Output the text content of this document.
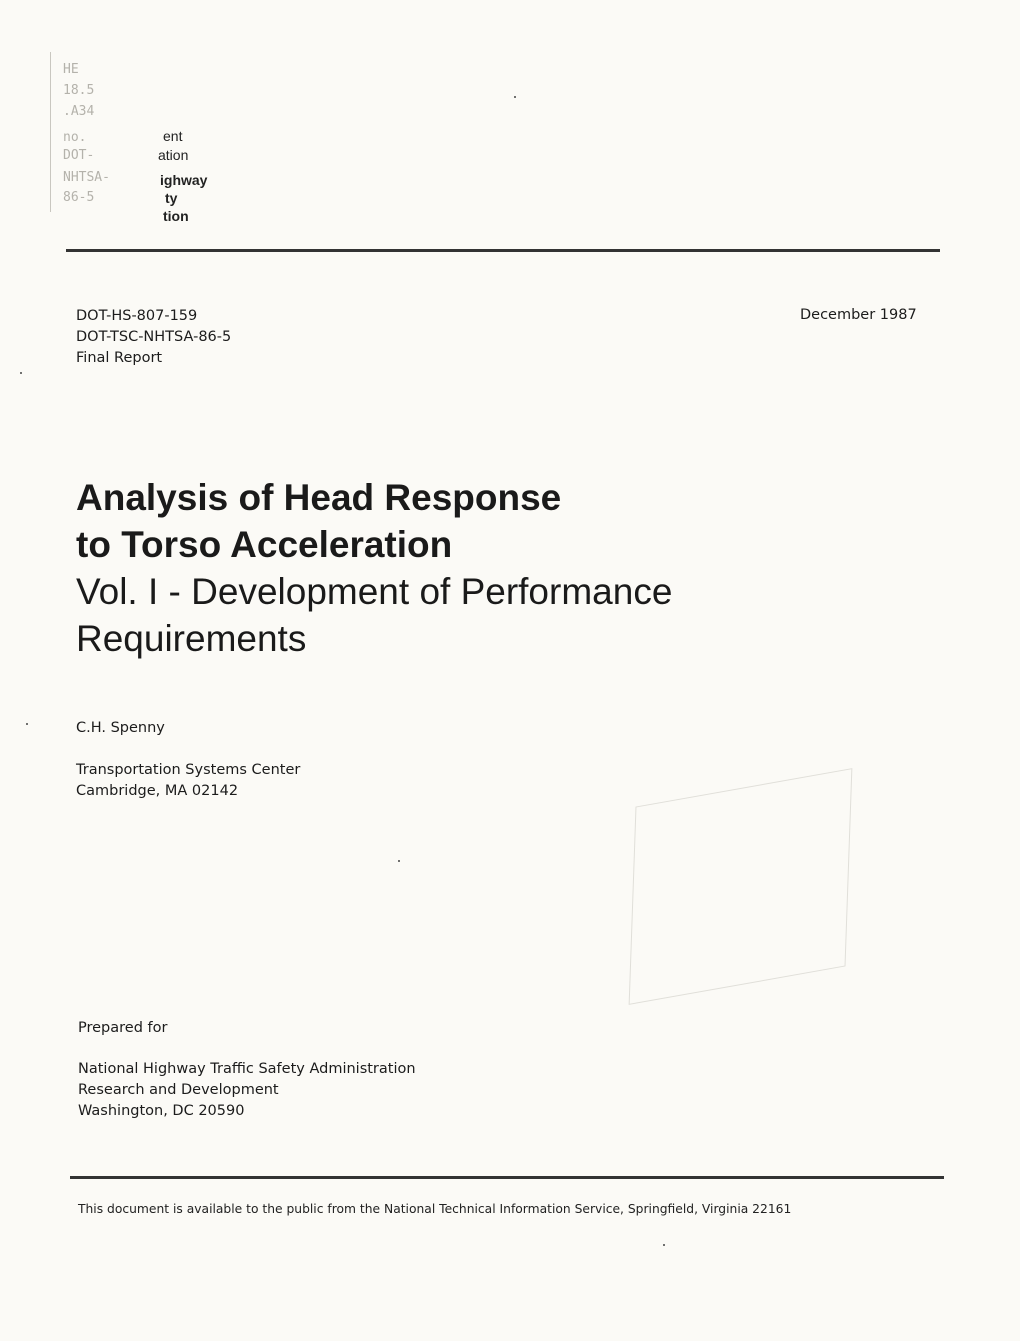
HE
18.5
.A34
no.
DOT-
NHTSA-
86-5
ent
ation
ighway
ty
tion
DOT-HS-807-159
DOT-TSC-NHTSA-86-5
Final Report
December 1987
Analysis of Head Response
to Torso Acceleration
Vol. I - Development of Performance
Requirements
C.H. Spenny
Transportation Systems Center
Cambridge, MA 02142
Prepared for
National Highway Traffic Safety Administration
Research and Development
Washington, DC 20590
This document is available to the public from the National Technical Information Service, Springfield, Virginia 22161
